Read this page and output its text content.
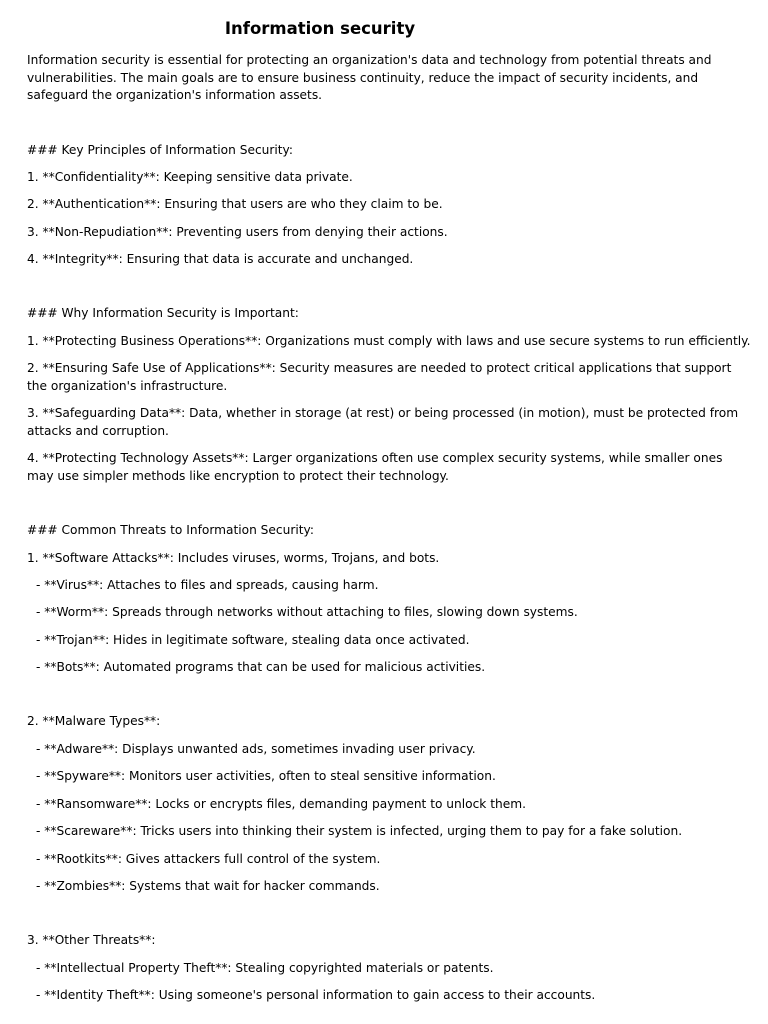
Information security

Information security is essential for protecting an organization's data and technology from potential threats and vulnerabilities. The main goals are to ensure business continuity, reduce the impact of security incidents, and safeguard the organization's information assets.

### Key Principles of Information Security:

1. **Confidentiality**: Keeping sensitive data private.

2. **Authentication**: Ensuring that users are who they claim to be.

3. **Non-Repudiation**: Preventing users from denying their actions.

4. **Integrity**: Ensuring that data is accurate and unchanged.

### Why Information Security is Important:

1. **Protecting Business Operations**: Organizations must comply with laws and use secure systems to run efficiently.

2. **Ensuring Safe Use of Applications**: Security measures are needed to protect critical applications that support the organization's infrastructure.

3. **Safeguarding Data**: Data, whether in storage (at rest) or being processed (in motion), must be protected from attacks and corruption.

4. **Protecting Technology Assets**: Larger organizations often use complex security systems, while smaller ones may use simpler methods like encryption to protect their technology.

### Common Threats to Information Security:

1. **Software Attacks**: Includes viruses, worms, Trojans, and bots.

- **Virus**: Attaches to files and spreads, causing harm.

- **Worm**: Spreads through networks without attaching to files, slowing down systems.

- **Trojan**: Hides in legitimate software, stealing data once activated.

- **Bots**: Automated programs that can be used for malicious activities.

2. **Malware Types**:

- **Adware**: Displays unwanted ads, sometimes invading user privacy.

- **Spyware**: Monitors user activities, often to steal sensitive information.

- **Ransomware**: Locks or encrypts files, demanding payment to unlock them.

- **Scareware**: Tricks users into thinking their system is infected, urging them to pay for a fake solution.

- **Rootkits**: Gives attackers full control of the system.

- **Zombies**: Systems that wait for hacker commands.

3. **Other Threats**:

- **Intellectual Property Theft**: Stealing copyrighted materials or patents.

- **Identity Theft**: Using someone's personal information to gain access to their accounts.
